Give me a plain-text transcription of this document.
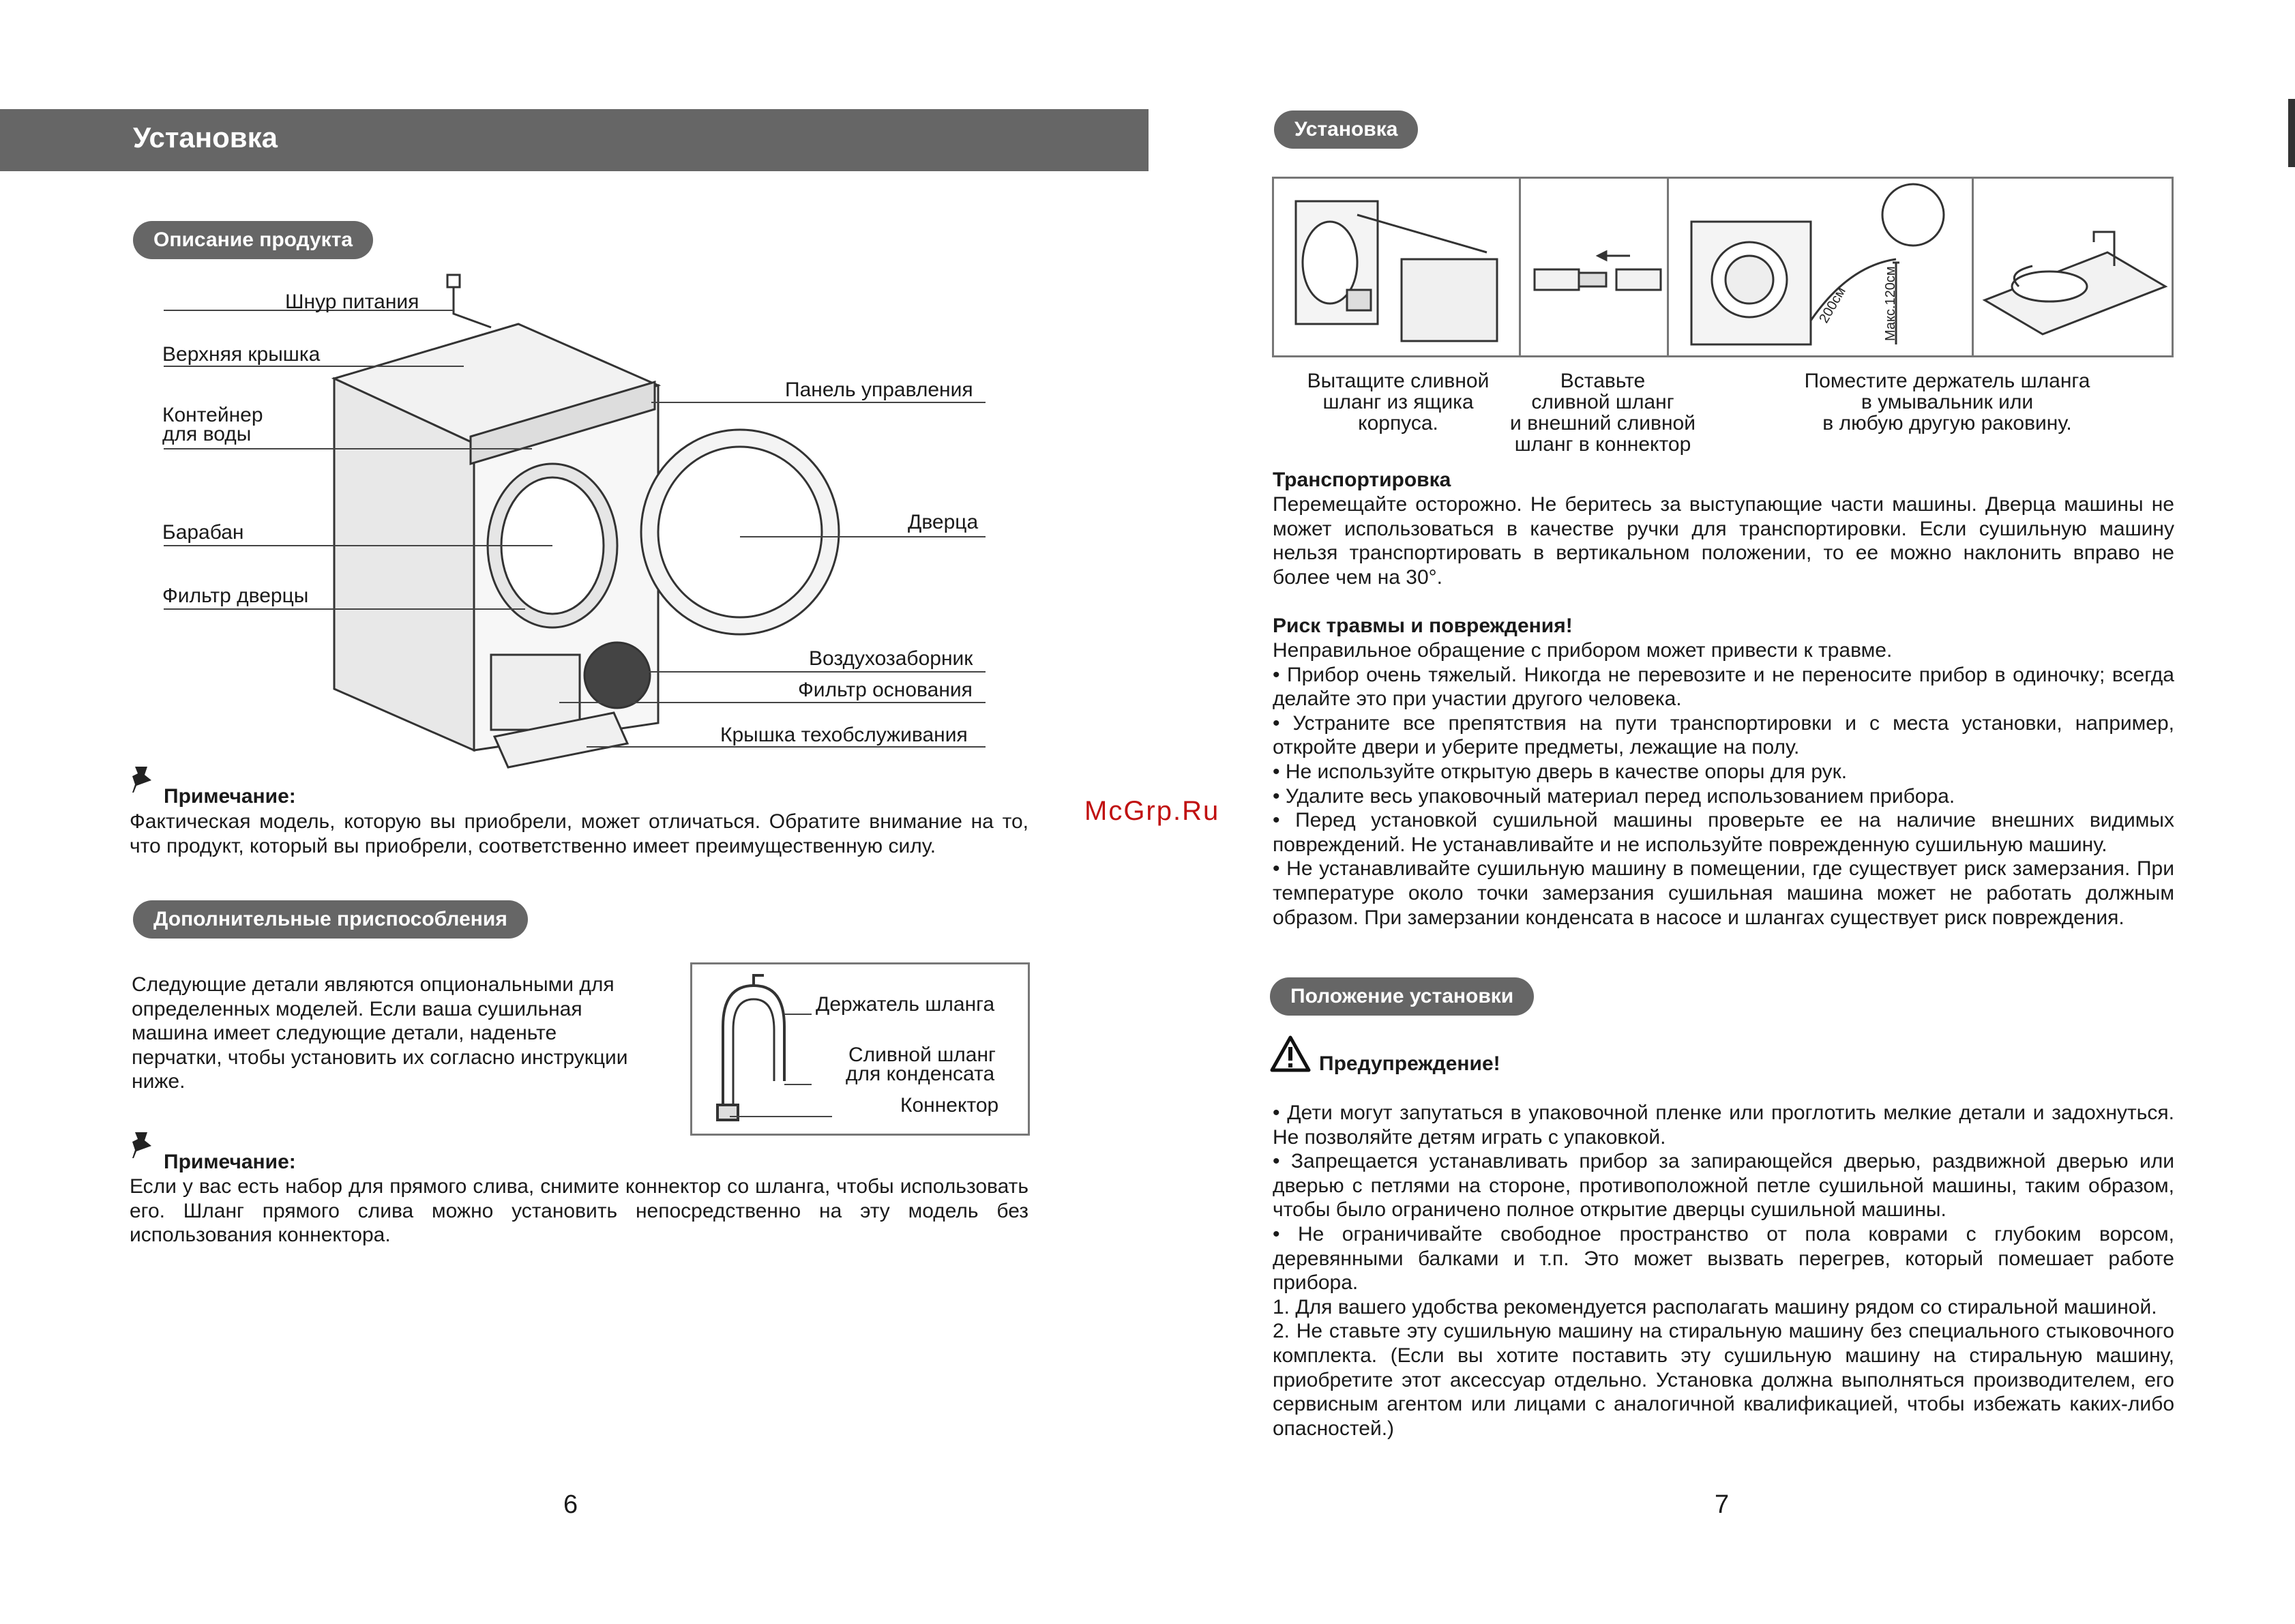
Установка
Описание продукта
Шнур питания
Верхняя крышка
Контейнер
для воды
Барабан
Фильтр дверцы
Панель управления
Дверца
Воздухозаборник
Фильтр основания
Крышка техобслуживания
Примечание:
Фактическая модель, которую вы приобрели, может отличаться. Обратите внимание на то, что продукт, который вы приобрели, соответственно имеет преимущественную силу.
Дополнительные приспособления
Следующие детали являются опциональными для определенных моделей. Если ваша сушильная машина имеет следующие детали, наденьте перчатки, чтобы установить их согласно инструкции ниже.
Держатель шланга
Сливной шланг
для конденсата
Коннектор
Примечание:
Если у вас есть набор для прямого слива, снимите коннектор со шланга, чтобы использовать его. Шланг прямого слива можно установить непосредственно на эту модель без использования коннектора.
6
McGrp.Ru
Установка
Макс.120см
200см
Вытащите сливной
шланг из ящика
корпуса.
Вставьте
сливной шланг
и внешний сливной
шланг в коннектор
Поместите держатель шланга
в умывальник или
в любую другую раковину.
Транспортировка
Перемещайте осторожно. Не беритесь за выступающие части машины. Дверца машины не может использоваться в качестве ручки для транспортировки. Если сушильную машину нельзя транспортировать в вертикальном положении, то ее можно наклонить вправо не более чем на 30°.
Риск травмы и повреждения!

Неправильное обращение с прибором может привести к травме.

• Прибор очень тяжелый. Никогда не перевозите и не переносите прибор в одиночку; всегда делайте это при участии другого человека.

• Устраните все препятствия на пути транспортировки и с места установки, например, откройте двери и уберите предметы, лежащие на полу.

• Не используйте открытую дверь в качестве опоры для рук.

• Удалите весь упаковочный материал перед использованием прибора.

• Перед установкой сушильной машины проверьте ее на наличие внешних видимых повреждений. Не устанавливайте и не используйте поврежденную сушильную машину.

• Не устанавливайте сушильную машину в помещении, где существует риск замерзания. При температуре около точки замерзания сушильная машина может не работать должным образом. При замерзании конденсата в насосе и шлангах существует риск повреждения.

Положение установки
Предупреждение!

• Дети могут запутаться в упаковочной пленке или проглотить мелкие детали и задохнуться. Не позволяйте детям играть с упаковкой.

• Запрещается устанавливать прибор за запирающейся дверью, раздвижной дверью или дверью с петлями на стороне, противоположной петле сушильной машины, таким образом, чтобы было ограничено полное открытие дверцы сушильной машины.

• Не ограничивайте свободное пространство от пола коврами с глубоким ворсом, деревянными балками и т.п. Это может вызвать перегрев, который помешает работе прибора.

1. Для вашего удобства рекомендуется располагать машину рядом со стиральной машиной.

2. Не ставьте эту сушильную машину на стиральную машину без специального стыковочного комплекта. (Если вы хотите поставить эту сушильную машину на стиральную машину, приобретите этот аксессуар отдельно. Установка должна выполняться производителем, его сервисным агентом или лицами с аналогичной квалификацией, чтобы избежать каких-либо опасностей.)

7
